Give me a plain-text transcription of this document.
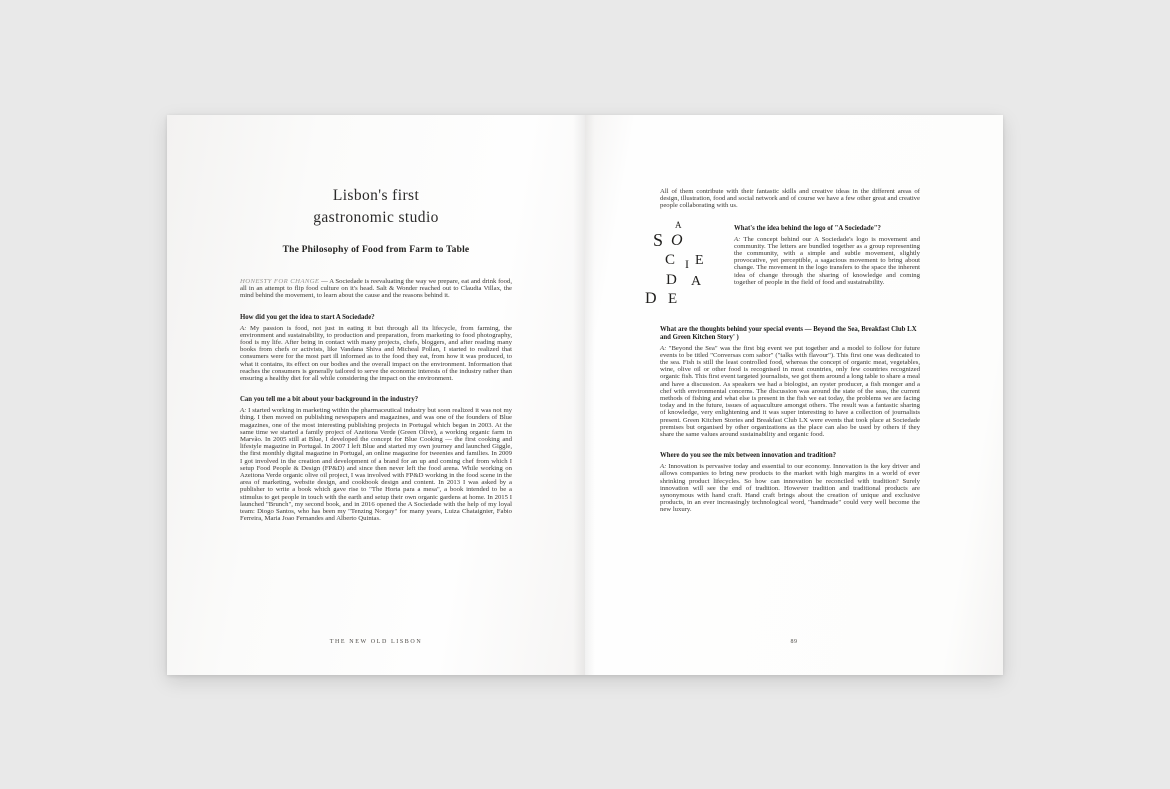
Lisbon's first
gastronomic studio
The Philosophy of Food from Farm to Table

HONESTY FOR CHANGE — A Sociedade is reevaluating the way we prepare, eat and drink food, all in an attempt to flip food culture on it's head. Salt & Wonder reached out to Claudia Villax, the mind behind the movement, to learn about the cause and the reasons behind it.

How did you get the idea to start A Sociedade?

A: My passion is food, not just in eating it but through all its lifecycle, from farming, the environment and sustainability, to production and preparation, from marketing to food photography, food is my life. After being in contact with many projects, chefs, bloggers, and after reading many books from chefs or activists, like Vandana Shiva and Micheal Pollan, I started to realized that consumers were for the most part ill informed as to the food they eat, from how it was produced, to what it contains, its effect on our bodies and the overall impact on the environment. Information that reaches the consumers is generally tailored to serve the economic interests of the industry rather than ensuring a healthy diet for all while considering the impact on the environment.

Can you tell me a bit about your background in the industry?

A: I started working in marketing within the pharmaceutical industry but soon realized it was not my thing. I then moved on publishing newspapers and magazines, and was one of the founders of Blue magazines, one of the most interesting publishing projects in Portugal which began in 2003. At the same time we started a family project of Azeitona Verde (Green Olive), a working organic farm in Marvão. In 2005 still at Blue, I developed the concept for Blue Cooking — the first cooking and lifestyle magazine in Portugal. In 2007 I left Blue and started my own journey and launched Giggle, the first monthly digital magazine in Portugal, an online magazine for tweenies and families. In 2009 I got involved in the creation and development of a brand for an up and coming chef from which I setup Food People & Design (FP&D) and since then never left the food arena. While working on Azeitona Verde organic olive oil project, I was involved with FP&D working in the food scene in the area of marketing, website design, and cookbook design and content. In 2013 I was asked by a publisher to write a book which gave rise to "The Horta para a mesa", a book intended to be a stimulus to get people in touch with the earth and setup their own organic gardens at home. In 2015 I launched "Brunch", my second book, and in 2016 opened the A Sociedade with the help of my loyal team: Diogo Santos, who has been my "Tenzing Norgay" for many years, Luiza Chataignier, Fabio Ferreira, Maria Joao Fernandes and Alberto Quintas.

THE NEW OLD LISBON

All of them contribute with their fantastic skills and creative ideas in the different areas of design, illustration, food and social network and of course we have a few other great and creative people collaborating with us.

A
S O
C I E
D A
D E
What's the idea behind the logo of "A Sociedade"?

A: The concept behind our A Sociedade's logo is movement and community. The letters are bundled together as a group representing the community, with a simple and subtle movement, slightly provocative, yet perceptible, a sagacious movement to bring about change. The movement in the logo transfers to the space the inherent idea of change through the sharing of knowledge and coming together of people in the field of food and sustainability.

What are the thoughts behind your special events — Beyond the Sea, Breakfast Club LX and Green Kitchen Story' )

A: "Beyond the Sea" was the first big event we put together and a model to follow for future events to be titled "Conversas com sabor" ("talks with flavour"). This first one was dedicated to the sea. Fish is still the least controlled food, whereas the concept of organic meat, vegetables, wine, olive oil or other food is recognised in most countries, only few countries recognized organic fish. This first event targeted journalists, we got them around a long table to share a meal and have a discussion. As speakers we had a biologist, an oyster producer, a fish monger and a chef with environmental concerns. The discussion was around the state of the seas, the current methods of fishing and what else is present in the fish we eat today, the problems we are facing today and in the future, issues of aquaculture amongst others. The result was a fantastic sharing of knowledge, very enlightening and it was super interesting to have a collection of journalists present. Green Kitchen Stories and Breakfast Club LX were events that took place at Sociedade premises but organised by other organizations as the place can also be used by others if they share the same values around sustainability and organic food.

Where do you see the mix between innovation and tradition?

A: Innovation is pervasive today and essential to our economy. Innovation is the key driver and allows companies to bring new products to the market with high margins in a world of ever shrinking product lifecycles. So how can innovation be reconciled with tradition? Surely innovation will see the end of tradition. However tradition and traditional products are synonymous with hand craft. Hand craft brings about the creation of unique and exclusive products, in an ever increasingly technological word, "handmade" could very well become the new luxury.

89
